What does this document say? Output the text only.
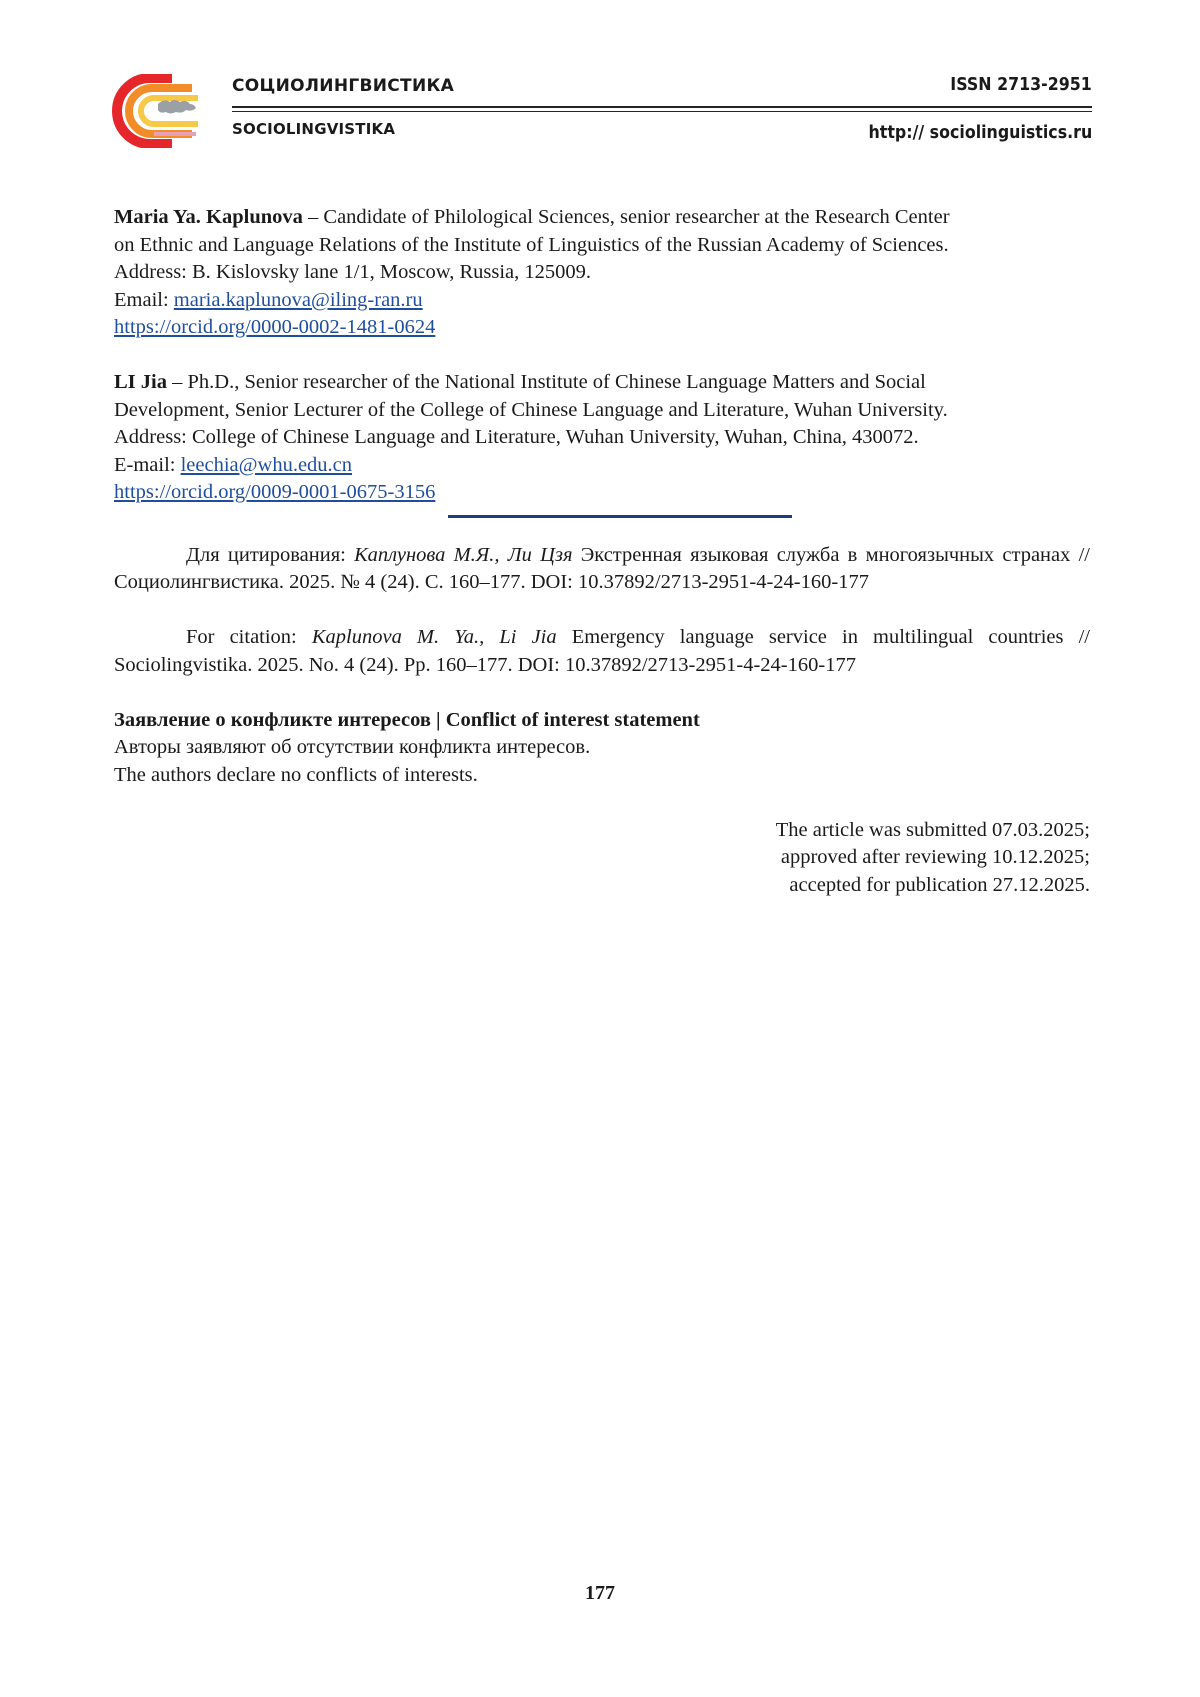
СОЦИОЛИНГВИСТИКА
SOCIOLINGVISTIKA
ISSN 2713-2951
http:// sociolinguistics.ru
Maria Ya. Kaplunova – Candidate of Philological Sciences, senior researcher at the Research Center
on Ethnic and Language Relations of the Institute of Linguistics of the Russian Academy of Sciences.
Address: B. Kislovsky lane 1/1, Moscow, Russia, 125009.
Email: maria.kaplunova@iling-ran.ru
https://orcid.org/0000-0002-1481-0624
LI Jia – Ph.D., Senior researcher of the National Institute of Chinese Language Matters and Social
Development, Senior Lecturer of the College of Chinese Language and Literature, Wuhan University.
Address: College of Chinese Language and Literature, Wuhan University, Wuhan, China, 430072.
E-mail: leechia@whu.edu.cn
https://orcid.org/0009-0001-0675-3156

Для цитирования: Каплунова М.Я., Ли Цзя Экстренная языковая служба в многоязычных странах // Социолингвистика. 2025. № 4 (24). С. 160–177. DOI: 10.37892/2713-2951-4-24-160-177

For citation: Kaplunova M. Ya., Li Jia Emergency language service in multilingual countries // Sociolingvistika. 2025. No. 4 (24). Pp. 160–177. DOI: 10.37892/2713-2951-4-24-160-177

Заявление о конфликте интересов | Conflict of interest statement
Авторы заявляют об отсутствии конфликта интересов.
The authors declare no conflicts of interests.
The article was submitted 07.03.2025;
approved after reviewing 10.12.2025;
accepted for publication 27.12.2025.
177
